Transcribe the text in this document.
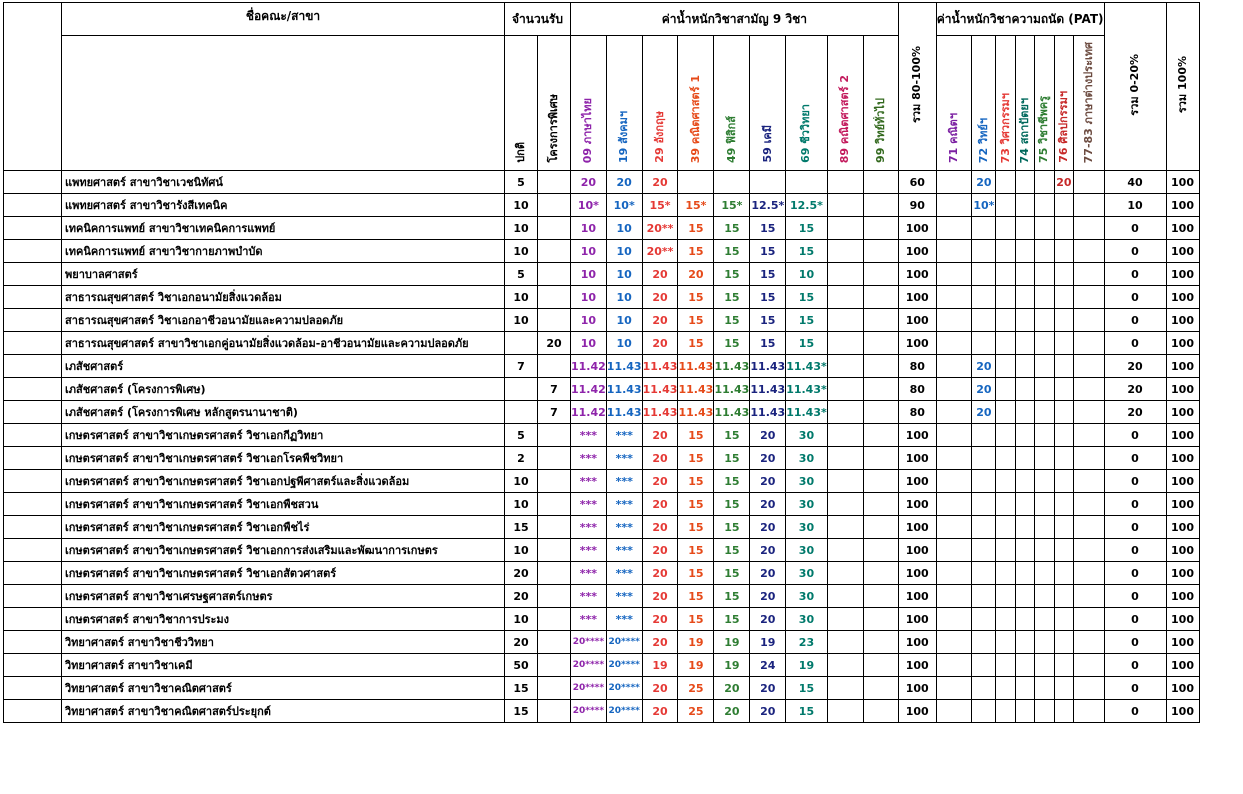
	ชื่อคณะ/สาขา	จำนวนรับ		ค่าน้ำหนักวิชาสามัญ 9 วิชา									รวม 80-100%	ค่าน้ำหนักวิชาความถนัด (PAT)							รวม 0-20%	รวม 100%
		ปกติ	โครงการพิเศษ	09 ภาษาไทย	19 สังคมฯ	29 อังกฤษ	39 คณิตศาสตร์ 1	49 ฟิสิกส์	59 เคมี	69 ชีววิทยา	89 คณิตศาสตร์ 2	99 วิทย์ทั่วไป		71 คณิตฯ	72 วิทย์ฯ	73 วิศวกรรมฯ	74 สถาปัตยฯ	75 วิชาชีพครู	76 ศิลปกรรมฯ	77-83 ภาษาต่างประเทศ		
	แพทยศาสตร์ สาขาวิชาเวชนิทัศน์	5		20	20	20							60		20				20		40	100
	แพทยศาสตร์ สาขาวิชารังสีเทคนิค	10		10*	10*	15*	15*	15*	12.5*	12.5*			90		10*						10	100
	เทคนิคการแพทย์ สาขาวิชาเทคนิคการแพทย์	10		10	10	20**	15	15	15	15			100								0	100
	เทคนิคการแพทย์ สาขาวิชากายภาพบำบัด	10		10	10	20**	15	15	15	15			100								0	100
	พยาบาลศาสตร์	5		10	10	20	20	15	15	10			100								0	100
	สาธารณสุขศาสตร์ วิชาเอกอนามัยสิ่งแวดล้อม	10		10	10	20	15	15	15	15			100								0	100
	สาธารณสุขศาสตร์ วิชาเอกอาชีวอนามัยและความปลอดภัย	10		10	10	20	15	15	15	15			100								0	100
	สาธารณสุขศาสตร์ สาขาวิชาเอกคู่อนามัยสิ่งแวดล้อม-อาชีวอนามัยและความปลอดภัย		20	10	10	20	15	15	15	15			100								0	100
	เภสัชศาสตร์	7		11.42	11.43	11.43	11.43	11.43	11.43	11.43*			80		20						20	100
	เภสัชศาสตร์ (โครงการพิเศษ)		7	11.42	11.43	11.43	11.43	11.43	11.43	11.43*			80		20						20	100
	เภสัชศาสตร์ (โครงการพิเศษ หลักสูตรนานาชาติ)		7	11.42	11.43	11.43	11.43	11.43	11.43	11.43*			80		20						20	100
	เกษตรศาสตร์ สาขาวิชาเกษตรศาสตร์ วิชาเอกกีฏวิทยา	5		***	***	20	15	15	20	30			100								0	100
	เกษตรศาสตร์ สาขาวิชาเกษตรศาสตร์ วิชาเอกโรคพืชวิทยา	2		***	***	20	15	15	20	30			100								0	100
	เกษตรศาสตร์ สาขาวิชาเกษตรศาสตร์ วิชาเอกปฐพีศาสตร์และสิ่งแวดล้อม	10		***	***	20	15	15	20	30			100								0	100
	เกษตรศาสตร์ สาขาวิชาเกษตรศาสตร์ วิชาเอกพืชสวน	10		***	***	20	15	15	20	30			100								0	100
	เกษตรศาสตร์ สาขาวิชาเกษตรศาสตร์ วิชาเอกพืชไร่	15		***	***	20	15	15	20	30			100								0	100
	เกษตรศาสตร์ สาขาวิชาเกษตรศาสตร์ วิชาเอกการส่งเสริมและพัฒนาการเกษตร	10		***	***	20	15	15	20	30			100								0	100
	เกษตรศาสตร์ สาขาวิชาเกษตรศาสตร์ วิชาเอกสัตวศาสตร์	20		***	***	20	15	15	20	30			100								0	100
	เกษตรศาสตร์ สาขาวิชาเศรษฐศาสตร์เกษตร	20		***	***	20	15	15	20	30			100								0	100
	เกษตรศาสตร์ สาขาวิชาการประมง	10		***	***	20	15	15	20	30			100								0	100
	วิทยาศาสตร์ สาขาวิชาชีววิทยา	20		20****	20****	20	19	19	19	23			100								0	100
	วิทยาศาสตร์ สาขาวิชาเคมี	50		20****	20****	19	19	19	24	19			100								0	100
	วิทยาศาสตร์ สาขาวิชาคณิตศาสตร์	15		20****	20****	20	25	20	20	15			100								0	100
	วิทยาศาสตร์ สาขาวิชาคณิตศาสตร์ประยุกต์	15		20****	20****	20	25	20	20	15			100								0	100
